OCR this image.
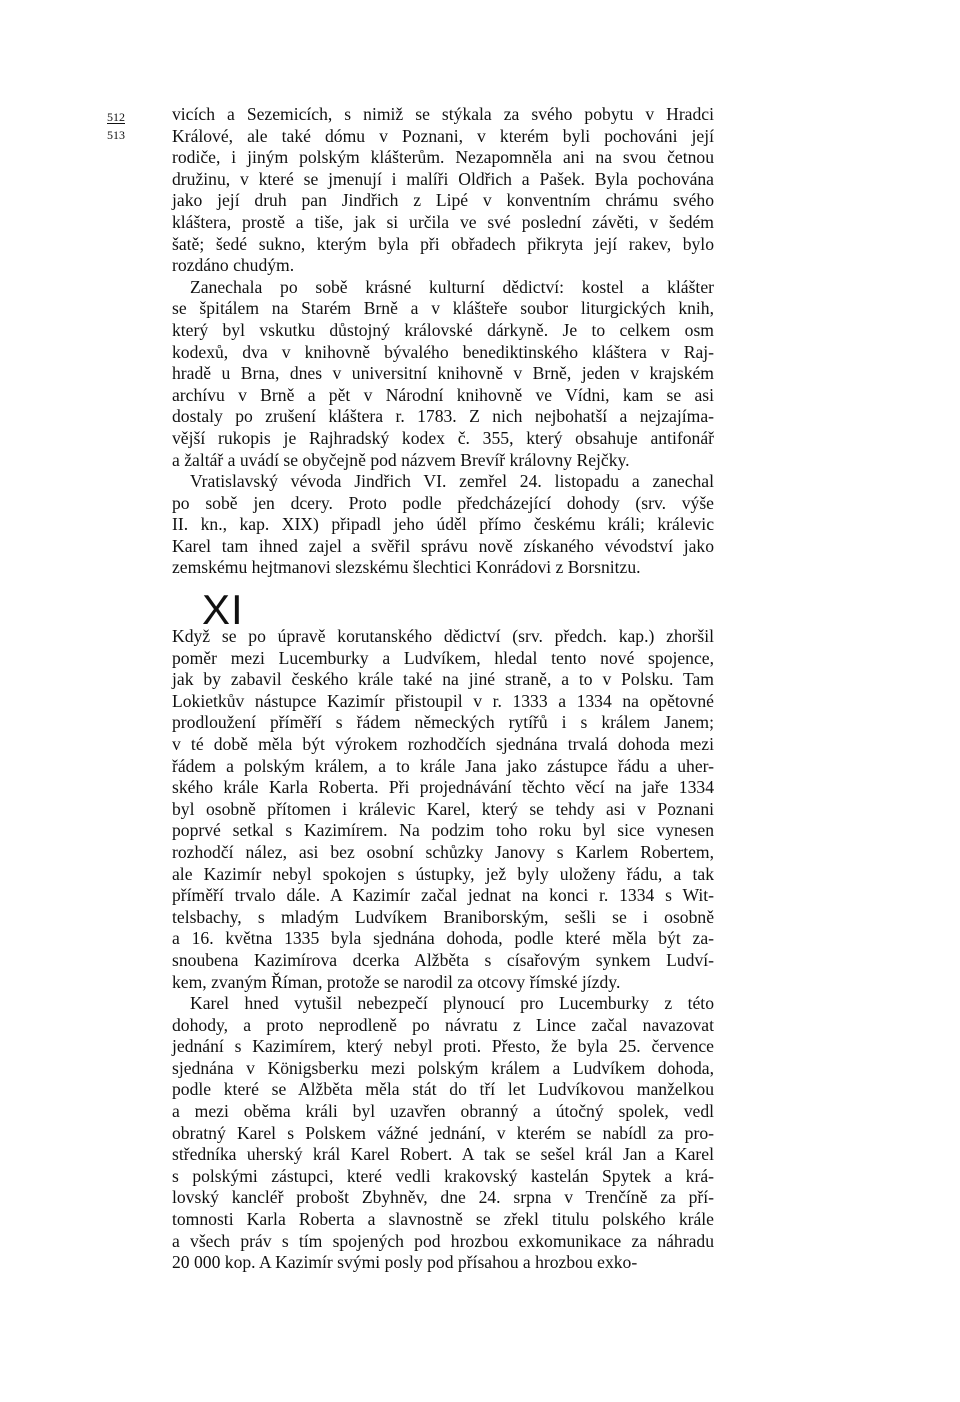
512
513
vicích a Sezemicích, s nimiž se stýkala za svého pobytu v Hradci
Králové, ale také dómu v Poznani, v kterém byli pochováni její
rodiče, i jiným polským klášterům. Nezapomněla ani na svou četnou
družinu, v které se jmenují i malíři Oldřich a Pašek. Byla pochována
jako její druh pan Jindřich z Lipé v konventním chrámu svého
kláštera, prostě a tiše, jak si určila ve své poslední závěti, v šedém
šatě; šedé sukno, kterým byla při obřadech přikryta její rakev, bylo
rozdáno chudým.
Zanechala po sobě krásné kulturní dědictví: kostel a klášter
se špitálem na Starém Brně a v klášteře soubor liturgických knih,
který byl vskutku důstojný královské dárkyně. Je to celkem osm
kodexů, dva v knihovně bývalého benediktinského kláštera v Raj-
hradě u Brna, dnes v universitní knihovně v Brně, jeden v krajském
archívu v Brně a pět v Národní knihovně ve Vídni, kam se asi
dostaly po zrušení kláštera r. 1783. Z nich nejbohatší a nejzajíma-
vější rukopis je Rajhradský kodex č. 355, který obsahuje antifonář
a žaltář a uvádí se obyčejně pod názvem Brevíř královny Rejčky.
Vratislavský vévoda Jindřich VI. zemřel 24. listopadu a zanechal
po sobě jen dcery. Proto podle předcházející dohody (srv. výše
II. kn., kap. XIX) připadl jeho úděl přímo českému králi; králevic
Karel tam ihned zajel a svěřil správu nově získaného vévodství jako
zemskému hejtmanovi slezskému šlechtici Konrádovi z Borsnitzu.
XI
Když se po úpravě korutanského dědictví (srv. předch. kap.) zhoršil
poměr mezi Lucemburky a Ludvíkem, hledal tento nové spojence,
jak by zabavil českého krále také na jiné straně, a to v Polsku. Tam
Lokietkův nástupce Kazimír přistoupil v r. 1333 a 1334 na opětovné
prodloužení příměří s řádem německých rytířů i s králem Janem;
v té době měla být výrokem rozhodčích sjednána trvalá dohoda mezi
řádem a polským králem, a to krále Jana jako zástupce řádu a uher-
ského krále Karla Roberta. Při projednávání těchto věcí na jaře 1334
byl osobně přítomen i králevic Karel, který se tehdy asi v Poznani
poprvé setkal s Kazimírem. Na podzim toho roku byl sice vynesen
rozhodčí nález, asi bez osobní schůzky Janovy s Karlem Robertem,
ale Kazimír nebyl spokojen s ústupky, jež byly uloženy řádu, a tak
příměří trvalo dále. A Kazimír začal jednat na konci r. 1334 s Wit-
telsbachy, s mladým Ludvíkem Braniborským, sešli se i osobně
a 16. května 1335 byla sjednána dohoda, podle které měla být za-
snoubena Kazimírova dcerka Alžběta s císařovým synkem Ludví-
kem, zvaným Říman, protože se narodil za otcovy římské jízdy.
Karel hned vytušil nebezpečí plynoucí pro Lucemburky z této
dohody, a proto neprodleně po návratu z Lince začal navazovat
jednání s Kazimírem, který nebyl proti. Přesto, že byla 25. července
sjednána v Königsberku mezi polským králem a Ludvíkem dohoda,
podle které se Alžběta měla stát do tří let Ludvíkovou manželkou
a mezi oběma králi byl uzavřen obranný a útočný spolek, vedl
obratný Karel s Polskem vážné jednání, v kterém se nabídl za pro-
středníka uherský král Karel Robert. A tak se sešel král Jan a Karel
s polskými zástupci, které vedli krakovský kastelán Spytek a krá-
lovský kancléř probošt Zbyhněv, dne 24. srpna v Trenčíně za pří-
tomnosti Karla Roberta a slavnostně se zřekl titulu polského krále
a všech práv s tím spojených pod hrozbou exkomunikace za náhradu
20 000 kop. A Kazimír svými posly pod přísahou a hrozbou exko-
